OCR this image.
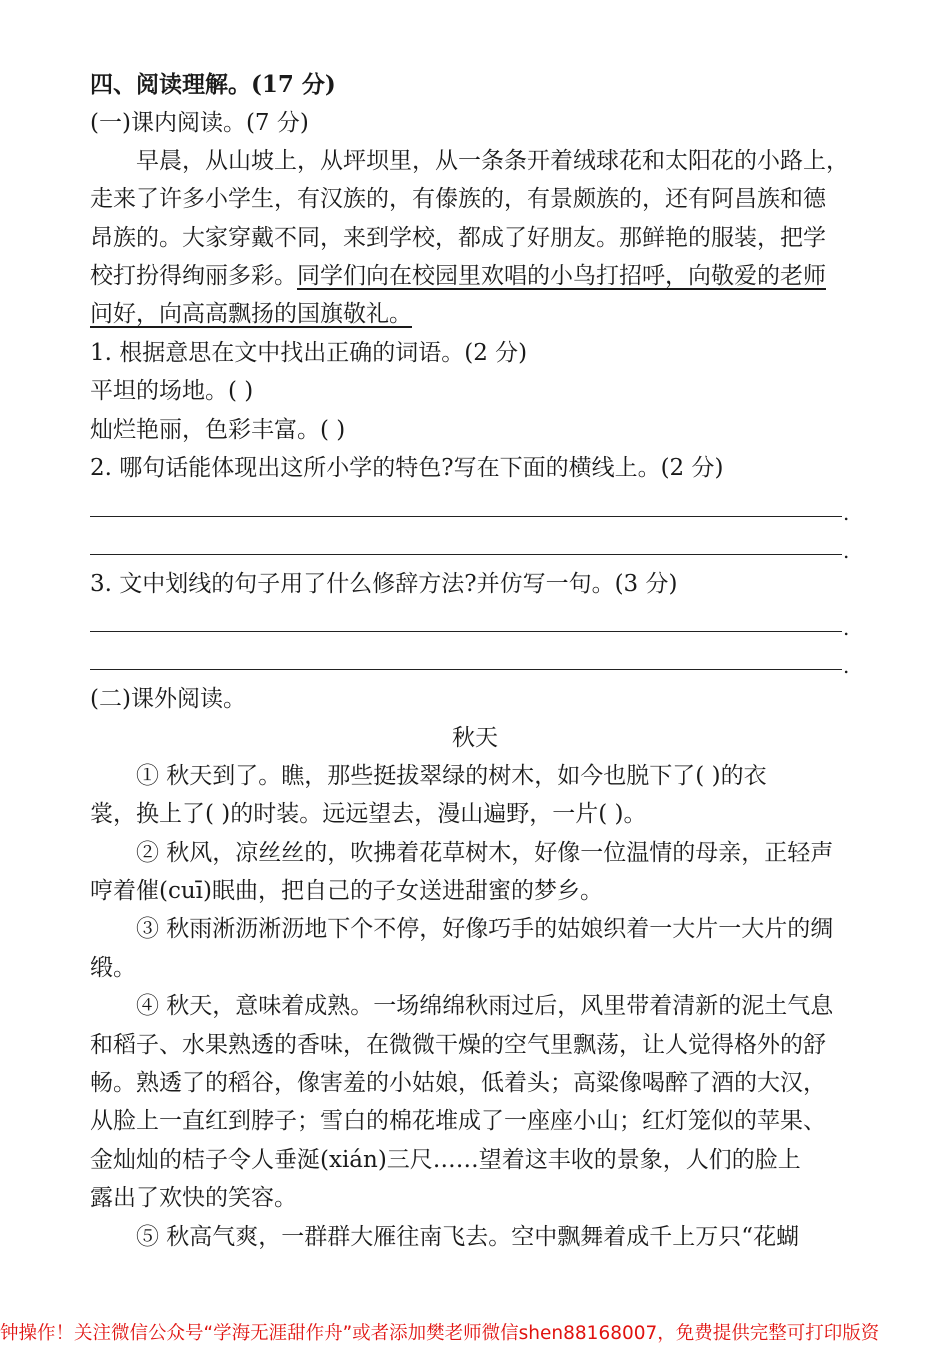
四、阅读理解。(17 分)
(一)课内阅读。(7 分)
早晨，从山坡上，从坪坝里，从一条条开着绒球花和太阳花的小路上，
走来了许多小学生，有汉族的，有傣族的，有景颇族的，还有阿昌族和德
昂族的。大家穿戴不同，来到学校，都成了好朋友。那鲜艳的服装，把学
校打扮得绚丽多彩。同学们向在校园里欢唱的小鸟打招呼，向敬爱的老师
问好，向高高飘扬的国旗敬礼。
1. 根据意思在文中找出正确的词语。(2 分)
平坦的场地。( )
灿烂艳丽，色彩丰富。( )
2. 哪句话能体现出这所小学的特色?写在下面的横线上。(2 分)
.
.
3. 文中划线的句子用了什么修辞方法?并仿写一句。(3 分)
.
.
(二)课外阅读。
秋天
① 秋天到了。瞧，那些挺拔翠绿的树木，如今也脱下了( )的衣
裳，换上了( )的时装。远远望去，漫山遍野，一片( )。
② 秋风，凉丝丝的，吹拂着花草树木，好像一位温情的母亲，正轻声
哼着催(cuī)眠曲，把自己的子女送进甜蜜的梦乡。
③ 秋雨淅沥淅沥地下个不停，好像巧手的姑娘织着一大片一大片的绸
缎。
④ 秋天，意味着成熟。一场绵绵秋雨过后，风里带着清新的泥土气息
和稻子、水果熟透的香味，在微微干燥的空气里飘荡，让人觉得格外的舒
畅。熟透了的稻谷，像害羞的小姑娘，低着头；高粱像喝醉了酒的大汉，
从脸上一直红到脖子；雪白的棉花堆成了一座座小山；红灯笼似的苹果、
金灿灿的桔子令人垂涎(xián)三尺……望着这丰收的景象，人们的脸上
露出了欢快的笑容。
⑤ 秋高气爽，一群群大雁往南飞去。空中飘舞着成千上万只“花蝴
钟操作！关注微信公众号“学海无涯甜作舟”或者添加樊老师微信shen88168007，免费提供完整可打印版资
